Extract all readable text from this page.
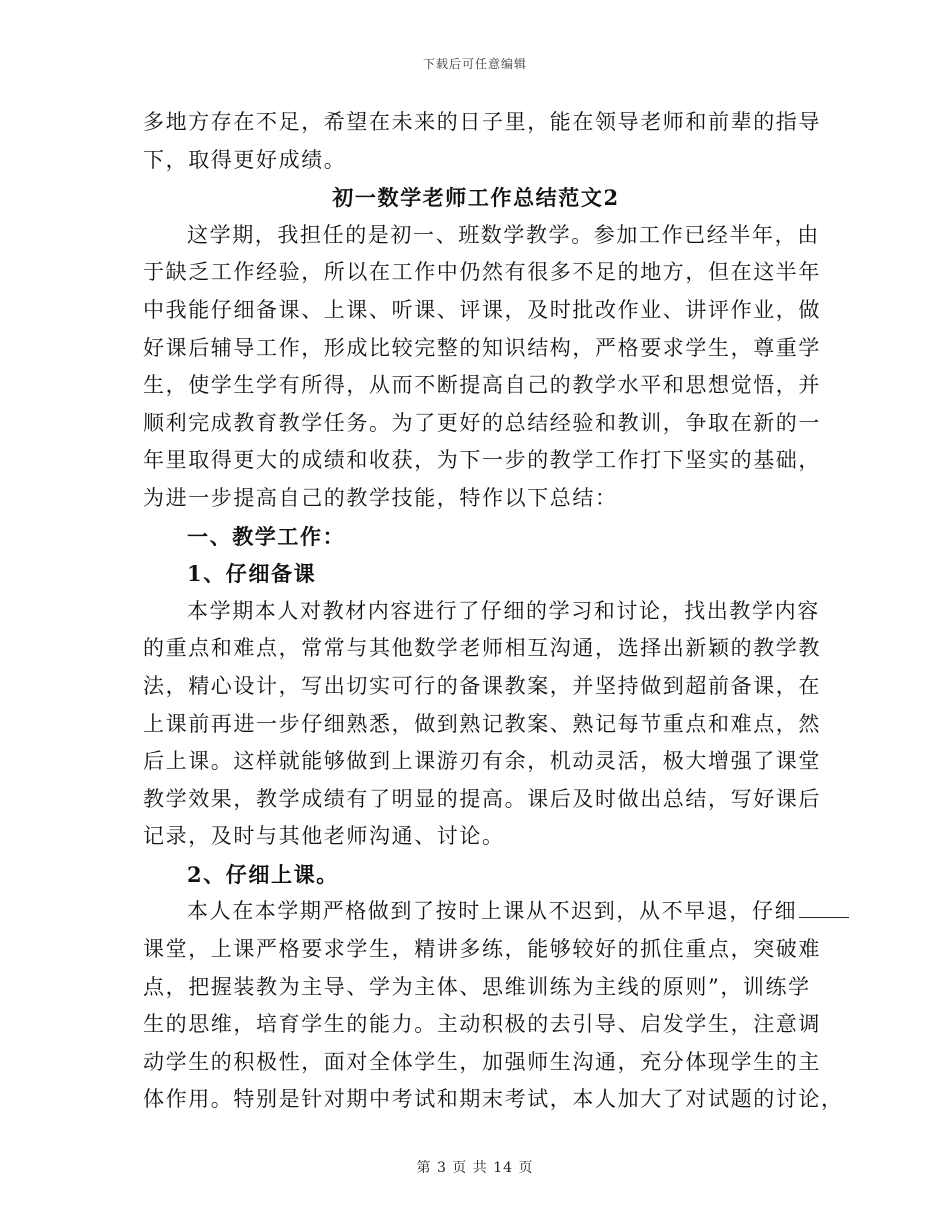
下载后可任意编辑
多地方存在不足，希望在未来的日子里，能在领导老师和前辈的指导
下，取得更好成绩。
初一数学老师工作总结范文2
这学期，我担任的是初一、班数学教学。参加工作已经半年，由
于缺乏工作经验，所以在工作中仍然有很多不足的地方，但在这半年
中我能仔细备课、上课、听课、评课，及时批改作业、讲评作业，做
好课后辅导工作，形成比较完整的知识结构，严格要求学生，尊重学
生，使学生学有所得，从而不断提高自己的教学水平和思想觉悟，并
顺利完成教育教学任务。为了更好的总结经验和教训，争取在新的一
年里取得更大的成绩和收获，为下一步的教学工作打下坚实的基础，
为进一步提高自己的教学技能，特作以下总结：
一、教学工作：
1、仔细备课
本学期本人对教材内容进行了仔细的学习和讨论，找出教学内容
的重点和难点，常常与其他数学老师相互沟通，选择出新颖的教学教
法，精心设计，写出切实可行的备课教案，并坚持做到超前备课，在
上课前再进一步仔细熟悉，做到熟记教案、熟记每节重点和难点，然
后上课。这样就能够做到上课游刃有余，机动灵活，极大增强了课堂
教学效果，教学成绩有了明显的提高。课后及时做出总结，写好课后
记录，及时与其他老师沟通、讨论。
2、仔细上课。
本人在本学期严格做到了按时上课从不迟到，从不早退，仔细
课堂，上课严格要求学生，精讲多练，能够较好的抓住重点，突破难
点，把握装教为主导、学为主体、思维训练为主线的原则”，训练学
生的思维，培育学生的能力。主动积极的去引导、启发学生，注意调
动学生的积极性，面对全体学生，加强师生沟通，充分体现学生的主
体作用。特别是针对期中考试和期末考试，本人加大了对试题的讨论，
第 3 页 共 14 页
